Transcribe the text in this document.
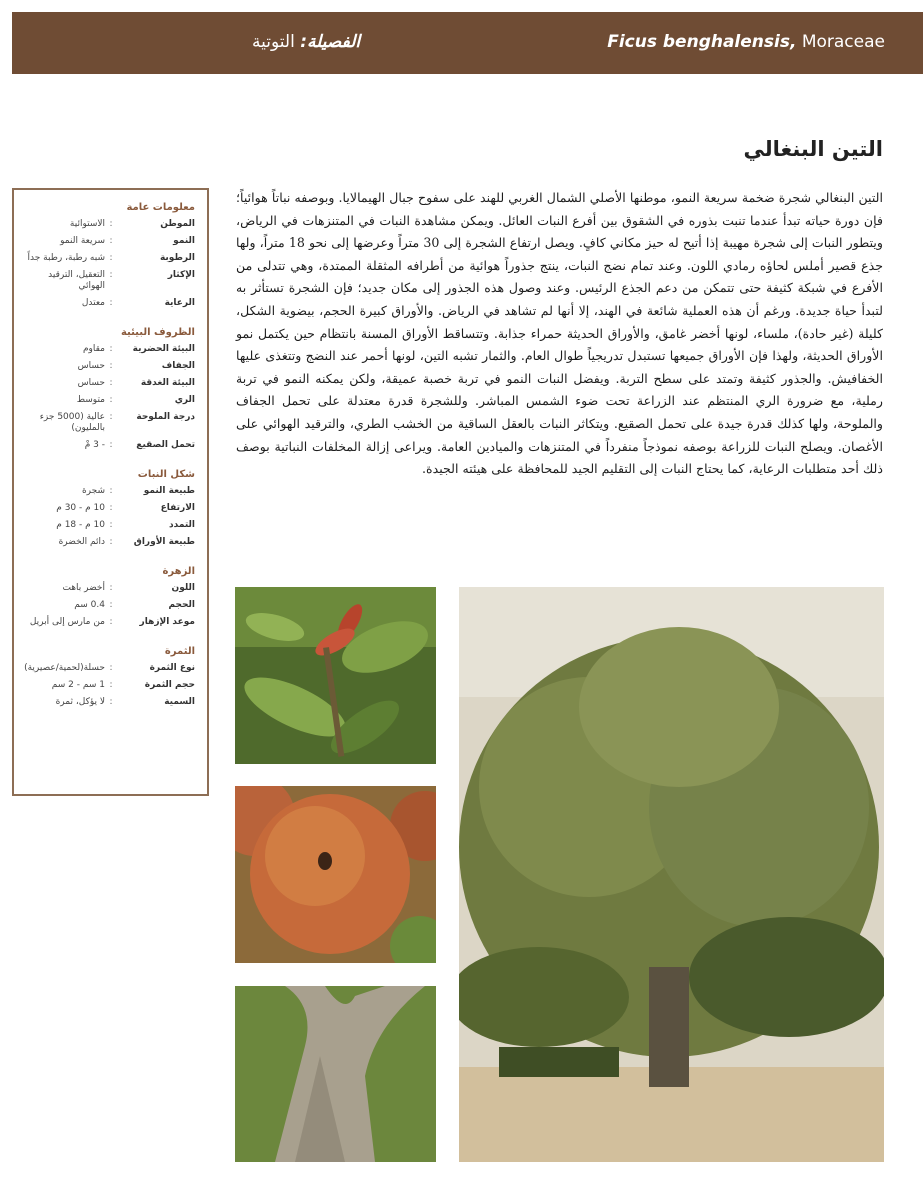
الفصيلة: التوتية	Ficus benghalensis, Moraceae
التين البنغالي
التين البنغالي شجرة ضخمة سريعة النمو، موطنها الأصلي الشمال الغربي للهند على سفوح جبال الهيمالايا. وبوصفه نباتاً هوائياً؛ فإن دورة حياته تبدأ عندما تنبت بذوره في الشقوق بين أفرع النبات العائل. ويمكن مشاهدة النبات في المتنزهات في الرياض، ويتطور النبات إلى شجرة مهيبة إذا أتيح له حيز مكاني كافٍ. ويصل ارتفاع الشجرة إلى 30 متراً وعرضها إلى نحو 18 متراً، ولها جذع قصير أملس لحاؤه رمادي اللون. وعند تمام نضج النبات، ينتج جذوراً هوائية من أطرافه المثقلة الممتدة، وهي تتدلى من الأفرع في شبكة كثيفة حتى تتمكن من دعم الجذع الرئيس. وعند وصول هذه الجذور إلى مكان جديد؛ فإن الشجرة تستأثر به لتبدأ حياة جديدة. ورغم أن هذه العملية شائعة في الهند، إلا أنها لم تشاهد في الرياض. والأوراق كبيرة الحجم، بيضوية الشكل، كليلة (غير حادة)، ملساء، لونها أخضر غامق، والأوراق الحديثة حمراء جذابة. وتتساقط الأوراق المسنة بانتظام حين يكتمل نمو الأوراق الحديثة، ولهذا فإن الأوراق جميعها تستبدل تدريجياً طوال العام. والثمار تشبه التين، لونها أحمر عند النضج وتتغذى عليها الخفافيش. والجذور كثيفة وتمتد على سطح التربة. ويفضل النبات النمو في تربة خصبة عميقة، ولكن يمكنه النمو في تربة رملية، مع ضرورة الري المنتظم عند الزراعة تحت ضوء الشمس المباشر. وللشجرة قدرة معتدلة على تحمل الجفاف والملوحة، ولها كذلك قدرة جيدة على تحمل الصقيع. ويتكاثر النبات بالعقل الساقية من الخشب الطري، والترقيد الهوائي على الأغصان. ويصلح النبات للزراعة بوصفه نموذجاً منفرداً في المتنزهات والميادين العامة. ويراعى إزالة المخلفات النباتية بوصف ذلك أحد متطلبات الرعاية، كما يحتاج النبات إلى التقليم الجيد للمحافظة على هيئته الجيدة.
معلومات عامة
الموطن
:
الاستوائية
النمو
:
سريعة النمو
الرطوبة
:
شبه رطبة، رطبة جداً
الإكثار
:
التعقيل، الترقيد الهوائي
الرعاية
:
معتدل
الظروف البيئية
البيئة الحضرية
:
مقاوم
الجفاف
:
حساس
البيئة الغدقة
:
حساس
الري
:
متوسط
درجة الملوحة
:
عالية (5000 جزء بالمليون)
تحمل الصقيع
:
- 3 مْ
شكل النبات
طبيعة النمو
:
شجرة
الارتفاع
:
10 م - 30 م
التمدد
:
10 م - 18 م
طبيعة الأوراق
:
دائم الخضرة
الزهرة
اللون
:
أخضر باهت
الحجم
:
0.4 سم
موعد الإزهار
:
من مارس إلى أبريل
الثمرة
نوع الثمرة
:
حسلة(لحمية/عصيرية)
حجم الثمرة
:
1 سم - 2 سم
السمية
:
لا يؤكل، ثمرة
